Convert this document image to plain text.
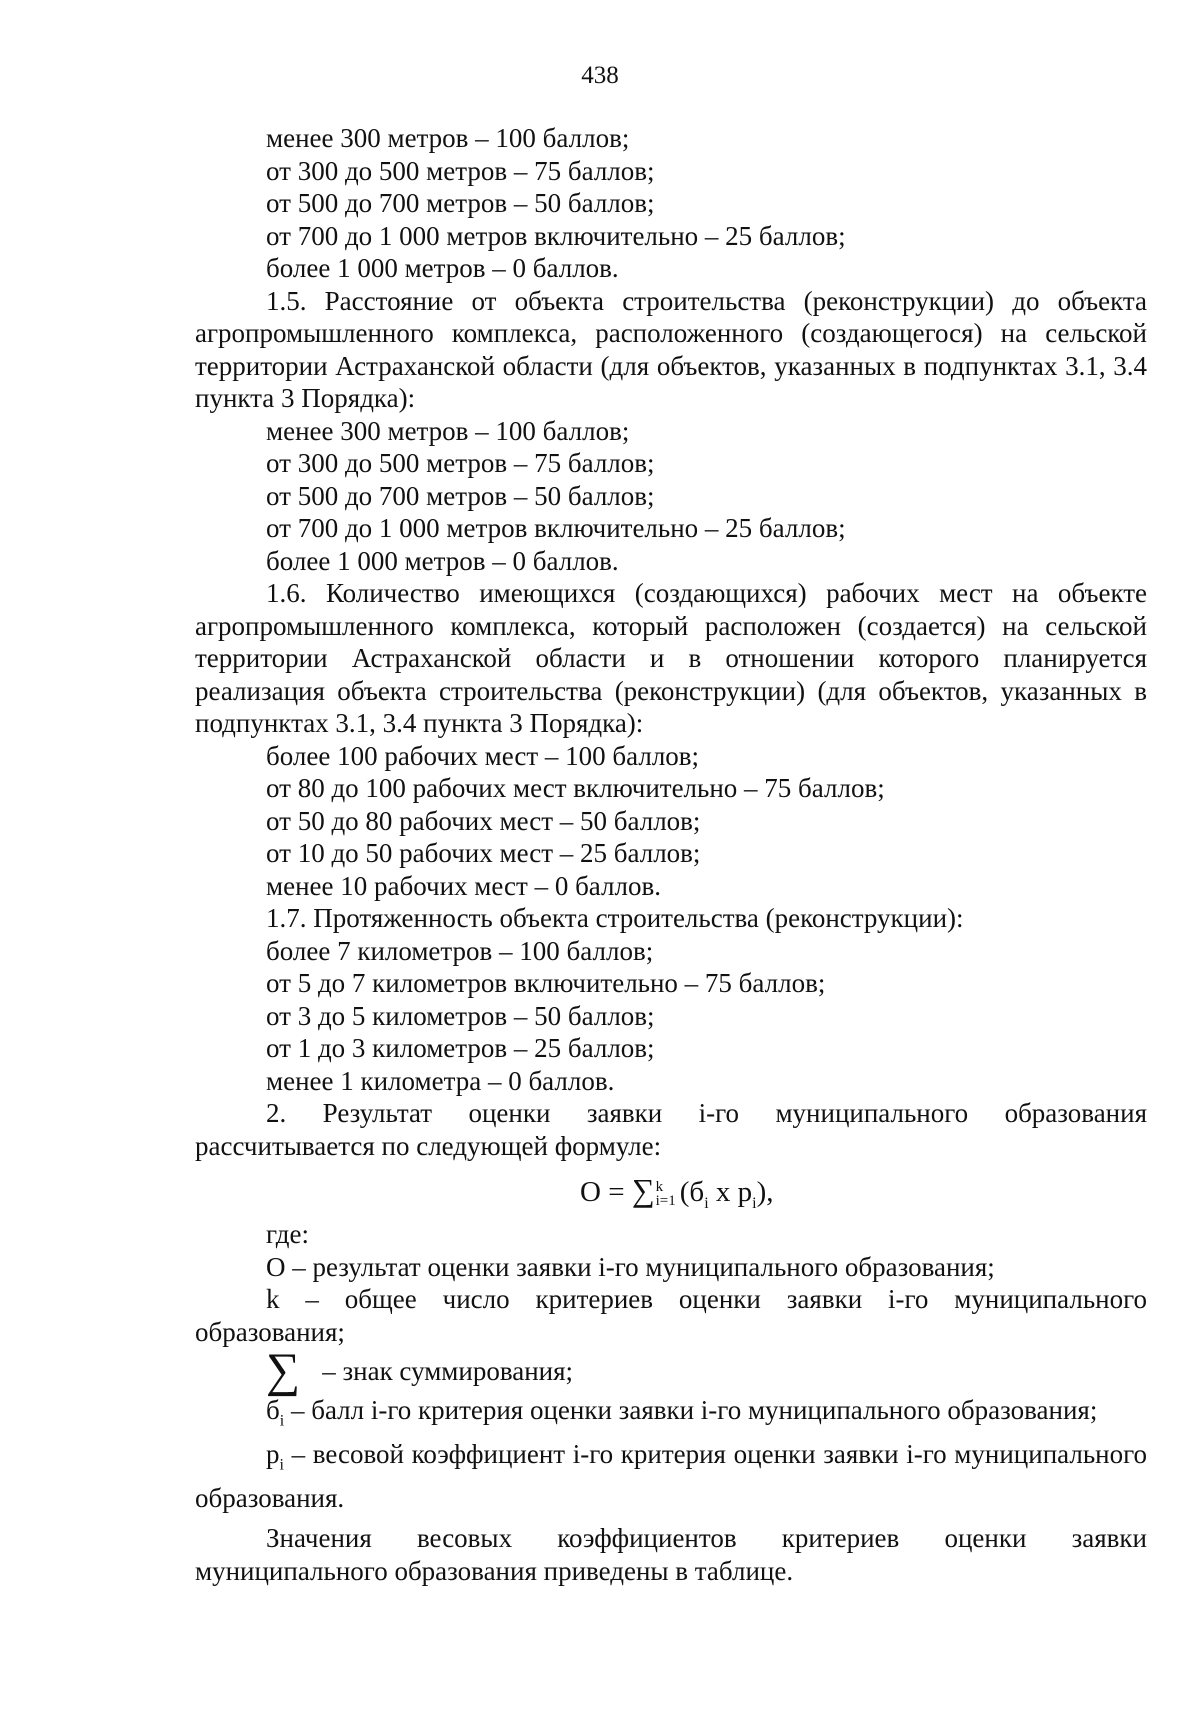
438

менее 300 метров – 100 баллов;

от 300 до 500 метров – 75 баллов;

от 500 до 700 метров – 50 баллов;

от 700 до 1 000 метров включительно – 25 баллов;

более 1 000 метров – 0 баллов.

1.5. Расстояние от объекта строительства (реконструкции) до объекта агропромышленного комплекса, расположенного (создающегося) на сельской территории Астраханской области (для объектов, указанных в подпунктах 3.1, 3.4 пункта 3 Порядка):

менее 300 метров – 100 баллов;

от 300 до 500 метров – 75 баллов;

от 500 до 700 метров – 50 баллов;

от 700 до 1 000 метров включительно – 25 баллов;

более 1 000 метров – 0 баллов.

1.6. Количество имеющихся (создающихся) рабочих мест на объекте агропромышленного комплекса, который расположен (создается) на сельской территории Астраханской области и в отношении которого планируется реализация объекта строительства (реконструкции) (для объектов, указанных в подпунктах 3.1, 3.4 пункта 3 Порядка):

более 100 рабочих мест – 100 баллов;

от 80 до 100 рабочих мест включительно – 75 баллов;

от 50 до 80 рабочих мест – 50 баллов;

от 10 до 50 рабочих мест – 25 баллов;

менее 10 рабочих мест – 0 баллов.

1.7. Протяженность объекта строительства (реконструкции):

более 7 километров – 100 баллов;

от 5 до 7 километров включительно – 75 баллов;

от 3 до 5 километров – 50 баллов;

от 1 до 3 километров – 25 баллов;

менее 1 километра – 0 баллов.

2. Результат оценки заявки i-го муниципального образования рассчитывается по следующей формуле:

O = ∑ k
i=1 ($б_i$ x $p_i$),

где:

O – результат оценки заявки i-го муниципального образования;

k – общее число критериев оценки заявки i-го муниципального образования;

∑ – знак суммирования;

$б_i$ – балл i-го критерия оценки заявки i-го муниципального образования;

$p_i$ – весовой коэффициент i-го критерия оценки заявки i-го муниципального образования.

Значения весовых коэффициентов критериев оценки заявки муниципального образования приведены в таблице.
